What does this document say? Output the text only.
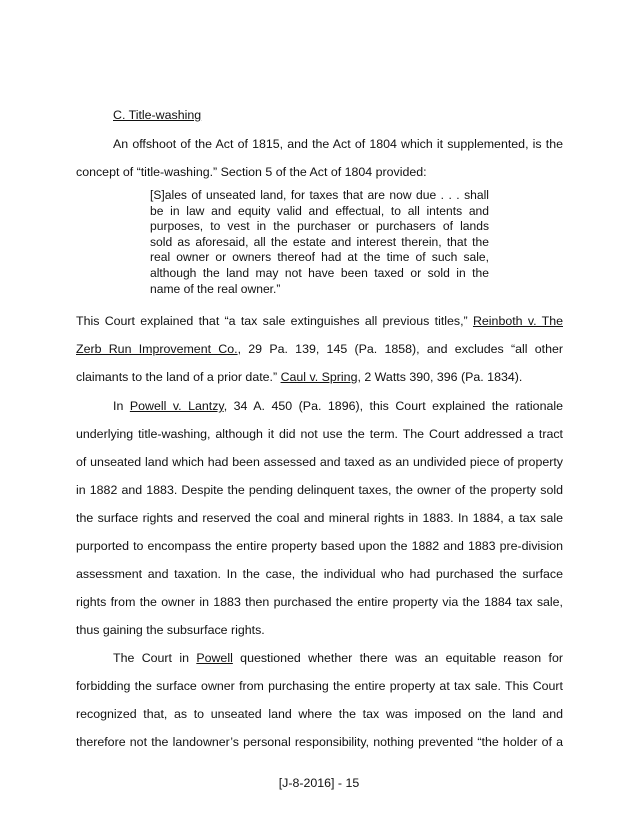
C. Title-washing
An offshoot of the Act of 1815, and the Act of 1804 which it supplemented, is the
concept of “title-washing.” Section 5 of the Act of 1804 provided:
[S]ales of unseated land, for taxes that are now due . . . shall
be in law and equity valid and effectual, to all intents and
purposes, to vest in the purchaser or purchasers of lands
sold as aforesaid, all the estate and interest therein, that the
real owner or owners thereof had at the time of such sale,
although the land may not have been taxed or sold in the
name of the real owner.”
This Court explained that “a tax sale extinguishes all previous titles,” Reinboth v. The
Zerb Run Improvement Co., 29 Pa. 139, 145 (Pa. 1858), and excludes “all other
claimants to the land of a prior date.” Caul v. Spring, 2 Watts 390, 396 (Pa. 1834).
In Powell v. Lantzy, 34 A. 450 (Pa. 1896), this Court explained the rationale
underlying title-washing, although it did not use the term. The Court addressed a tract
of unseated land which had been assessed and taxed as an undivided piece of property
in 1882 and 1883. Despite the pending delinquent taxes, the owner of the property sold
the surface rights and reserved the coal and mineral rights in 1883. In 1884, a tax sale
purported to encompass the entire property based upon the 1882 and 1883 pre-division
assessment and taxation. In the case, the individual who had purchased the surface
rights from the owner in 1883 then purchased the entire property via the 1884 tax sale,
thus gaining the subsurface rights.
The Court in Powell questioned whether there was an equitable reason for
forbidding the surface owner from purchasing the entire property at tax sale. This Court
recognized that, as to unseated land where the tax was imposed on the land and
therefore not the landowner’s personal responsibility, nothing prevented “the holder of a
[J-8-2016] - 15
